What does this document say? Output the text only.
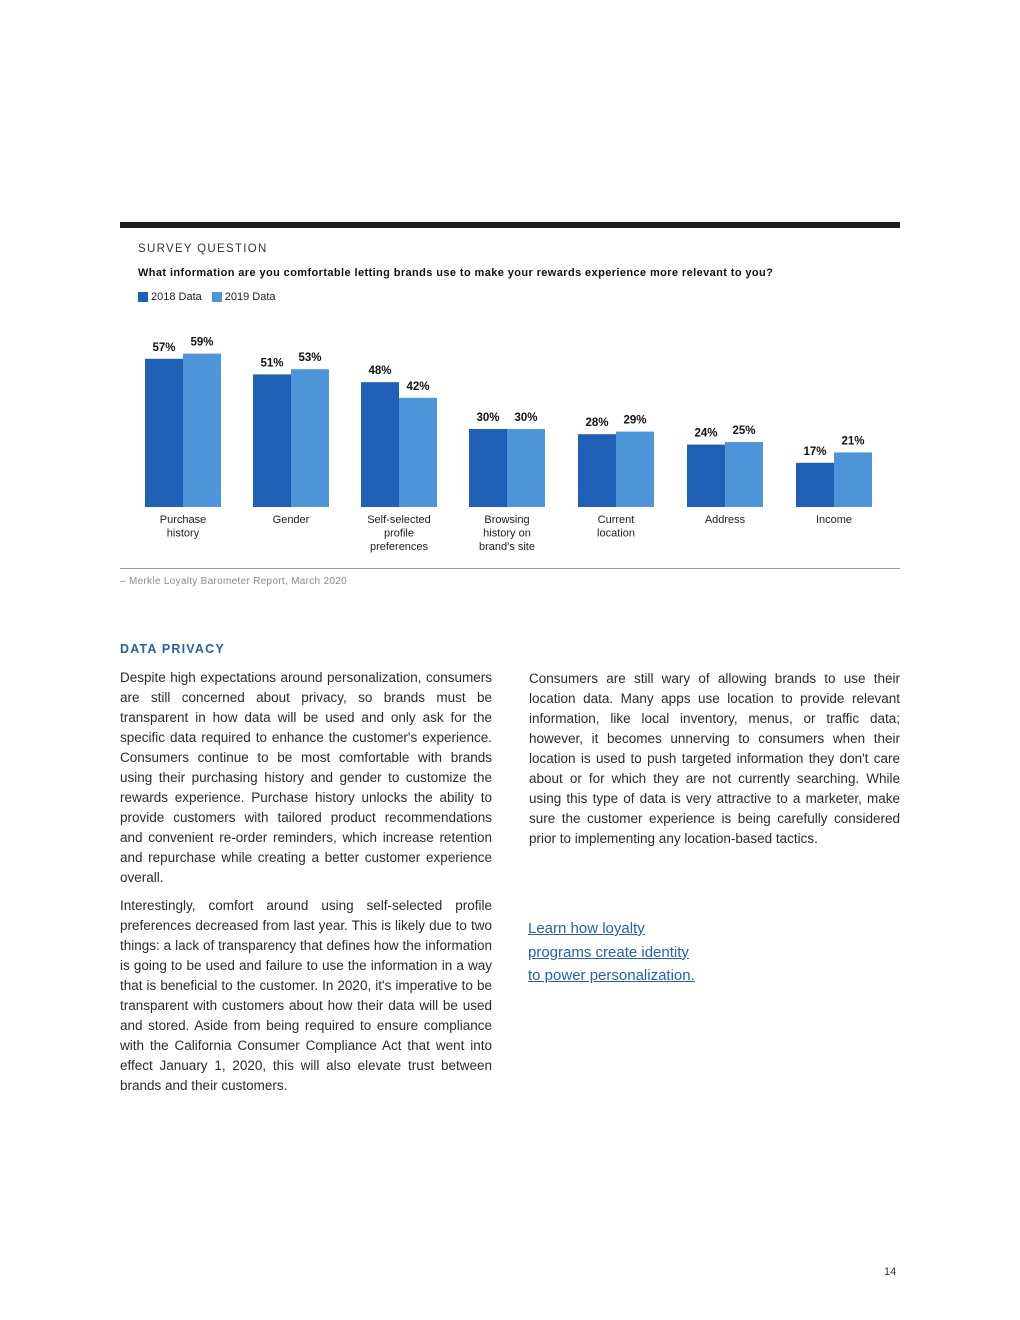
SURVEY QUESTION
What information are you comfortable letting brands use to make your rewards experience more relevant to you?
2018 Data 2019 Data
57% 59%
Purchase history
51% 53%
Gender
48%
42%
Self-selected profile preferences
30% 30%
Browsing history on brand's site
28% 29%
Current location
24% 25%
Address
17%
21%
Income
– Merkle Loyalty Barometer Report, March 2020
DATA PRIVACY

Despite high expectations around personalization, consumers are still concerned about privacy, so brands must be transparent in how data will be used and only ask for the specific data required to enhance the customer's experience. Consumers continue to be most comfortable with brands using their purchasing history and gender to customize the rewards experience. Purchase history unlocks the ability to provide customers with tailored product recommendations and convenient re-order reminders, which increase retention and repurchase while creating a better customer experience overall.

Interestingly, comfort around using self-selected profile preferences decreased from last year. This is likely due to two things: a lack of transparency that defines how the information is going to be used and failure to use the information in a way that is beneficial to the customer. In 2020, it's imperative to be transparent with customers about how their data will be used and stored. Aside from being required to ensure compliance with the California Consumer Compliance Act that went into effect January 1, 2020, this will also elevate trust between brands and their customers.

Consumers are still wary of allowing brands to use their location data. Many apps use location to provide relevant information, like local inventory, menus, or traffic data; however, it becomes unnerving to consumers when their location is used to push targeted information they don't care about or for which they are not currently searching. While using this type of data is very attractive to a marketer, make sure the customer experience is being carefully considered prior to implementing any location-based tactics.

Learn how loyalty programs create identity to power personalization.
14
